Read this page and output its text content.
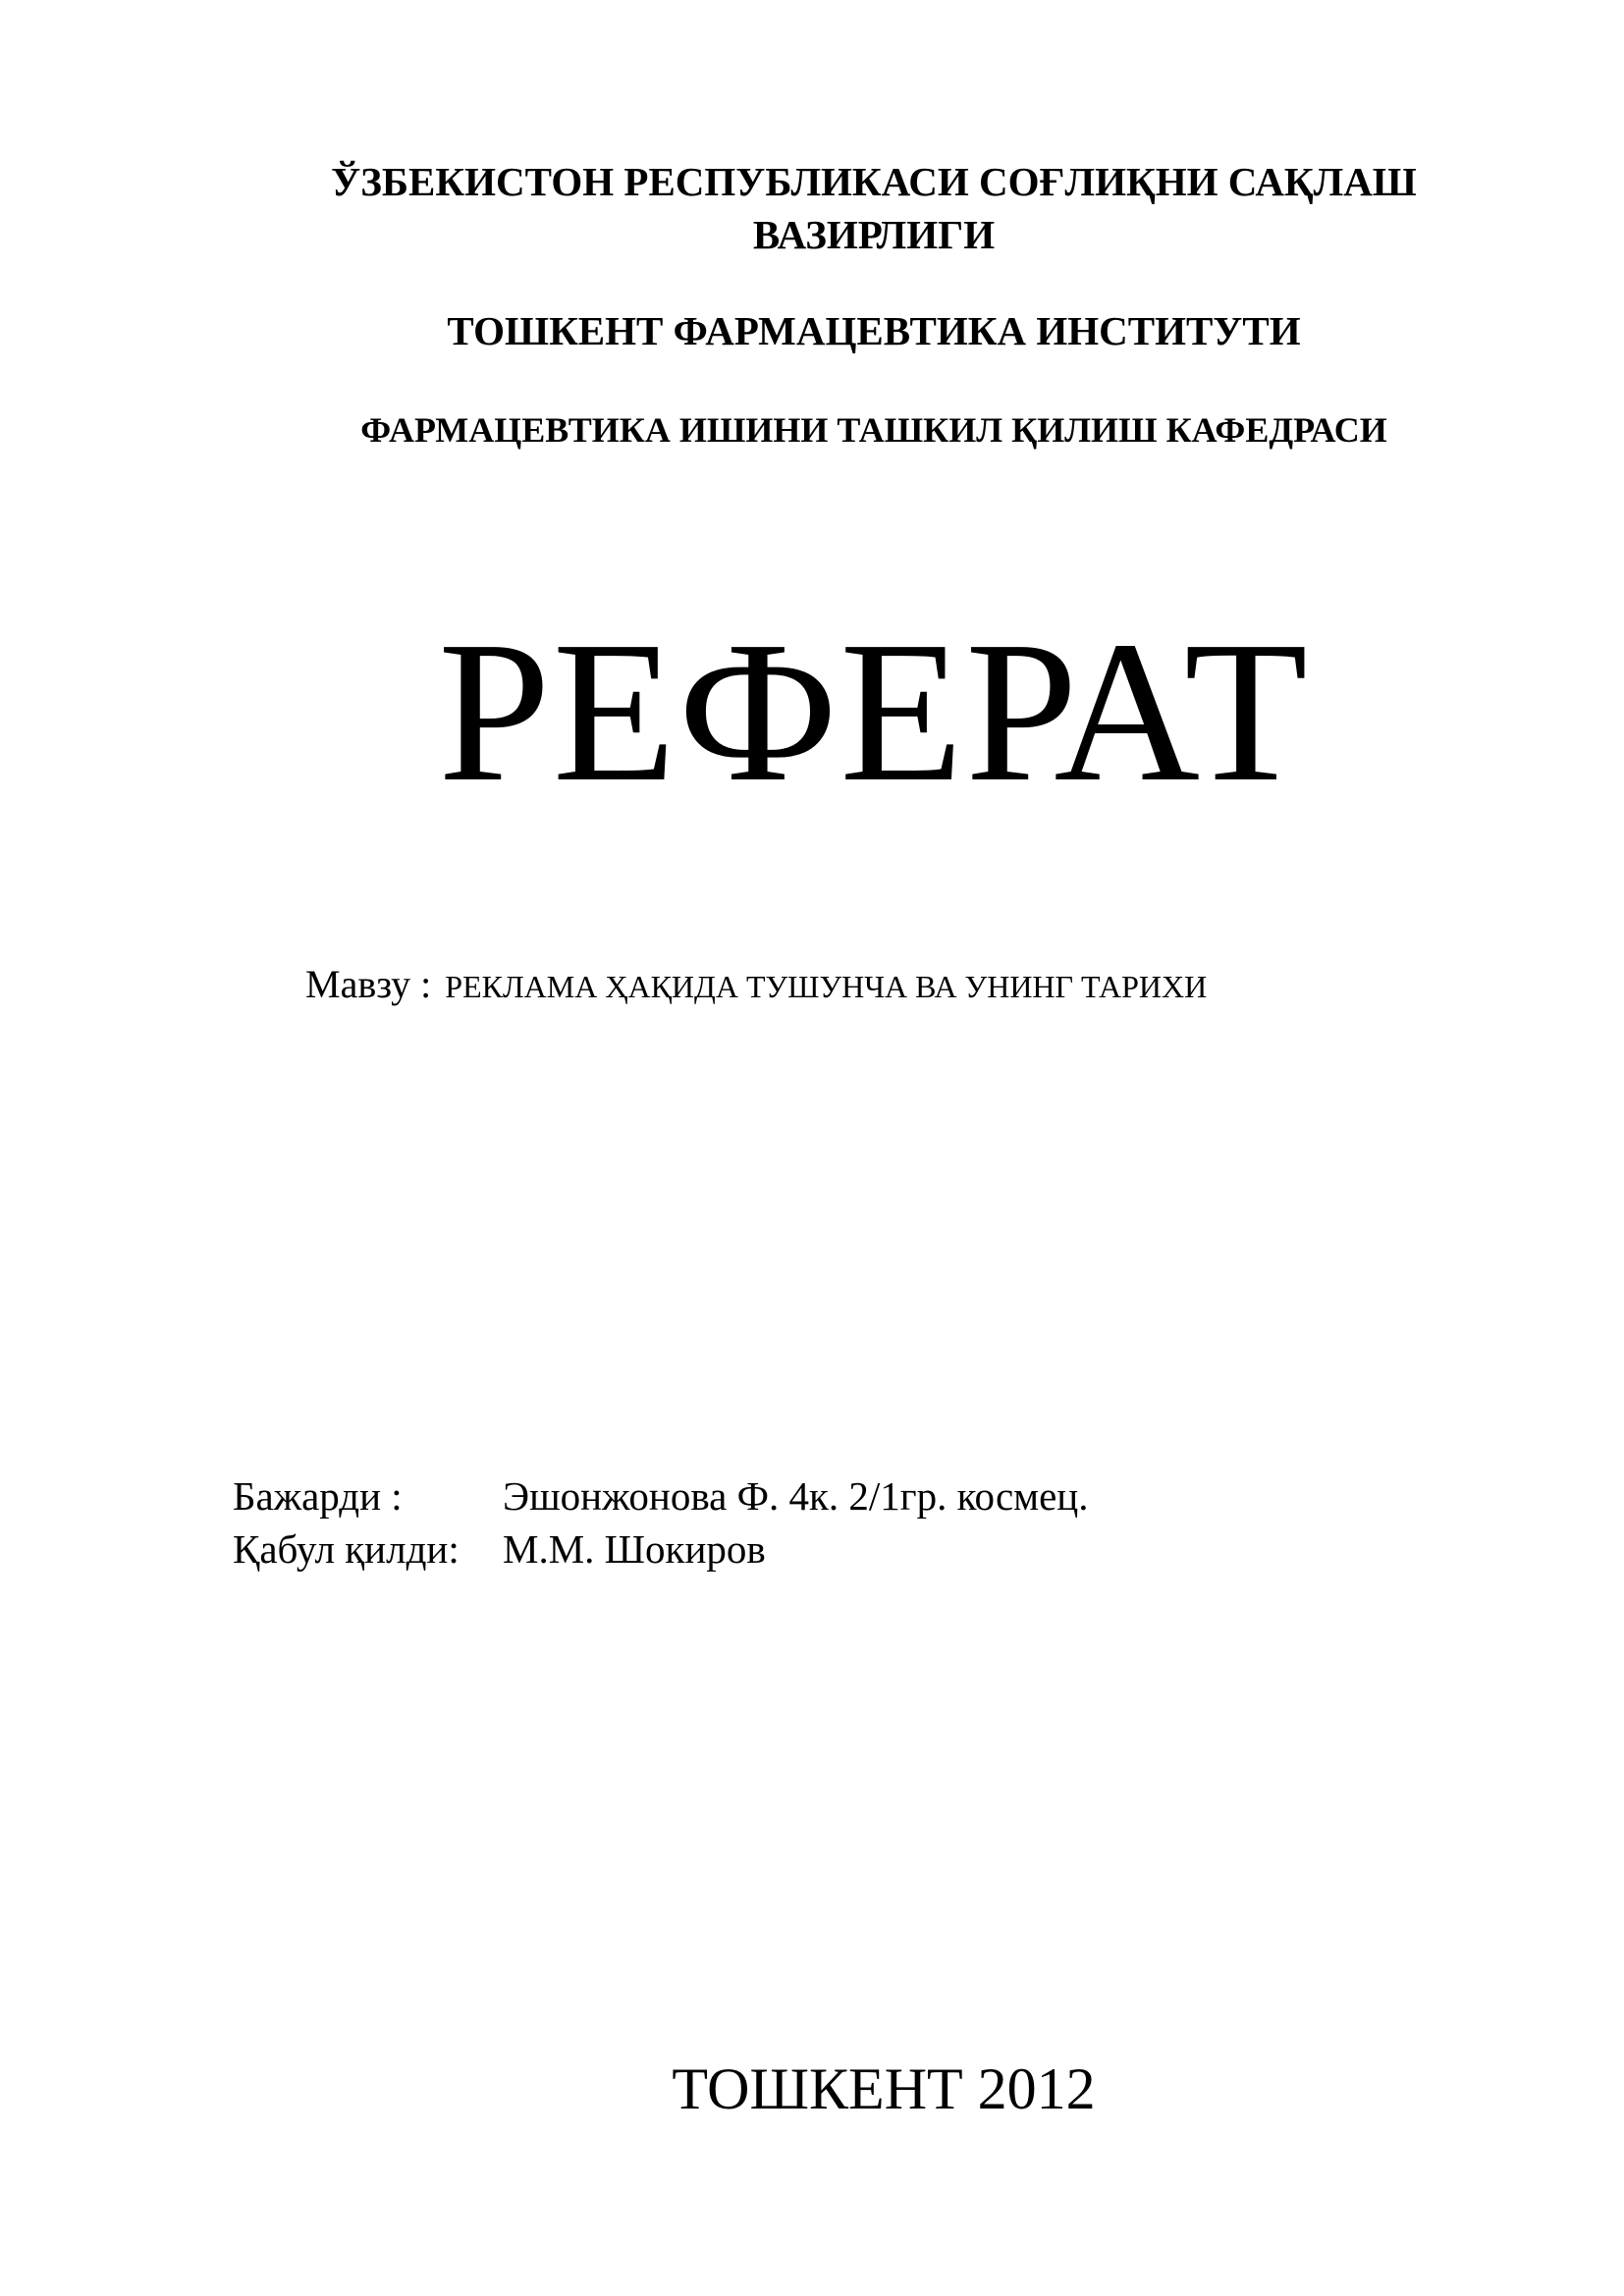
ЎЗБЕКИСТОН РЕСПУБЛИКАСИ СОҒЛИҚНИ САҚЛАШ
ВАЗИРЛИГИ
ТОШКЕНТ ФАРМАЦЕВТИКА ИНСТИТУТИ
ФАРМАЦЕВТИКА ИШИНИ ТАШКИЛ ҚИЛИШ КАФЕДРАСИ
РЕФЕРАТ
Мавзу : РЕКЛАМА ҲАҚИДА ТУШУНЧА ВА УНИНГ ТАРИХИ
Бажарди : Эшонжонова Ф. 4к. 2/1гр. космец.
Қабул қилди: М.М. Шокиров
ТОШКЕНТ 2012
